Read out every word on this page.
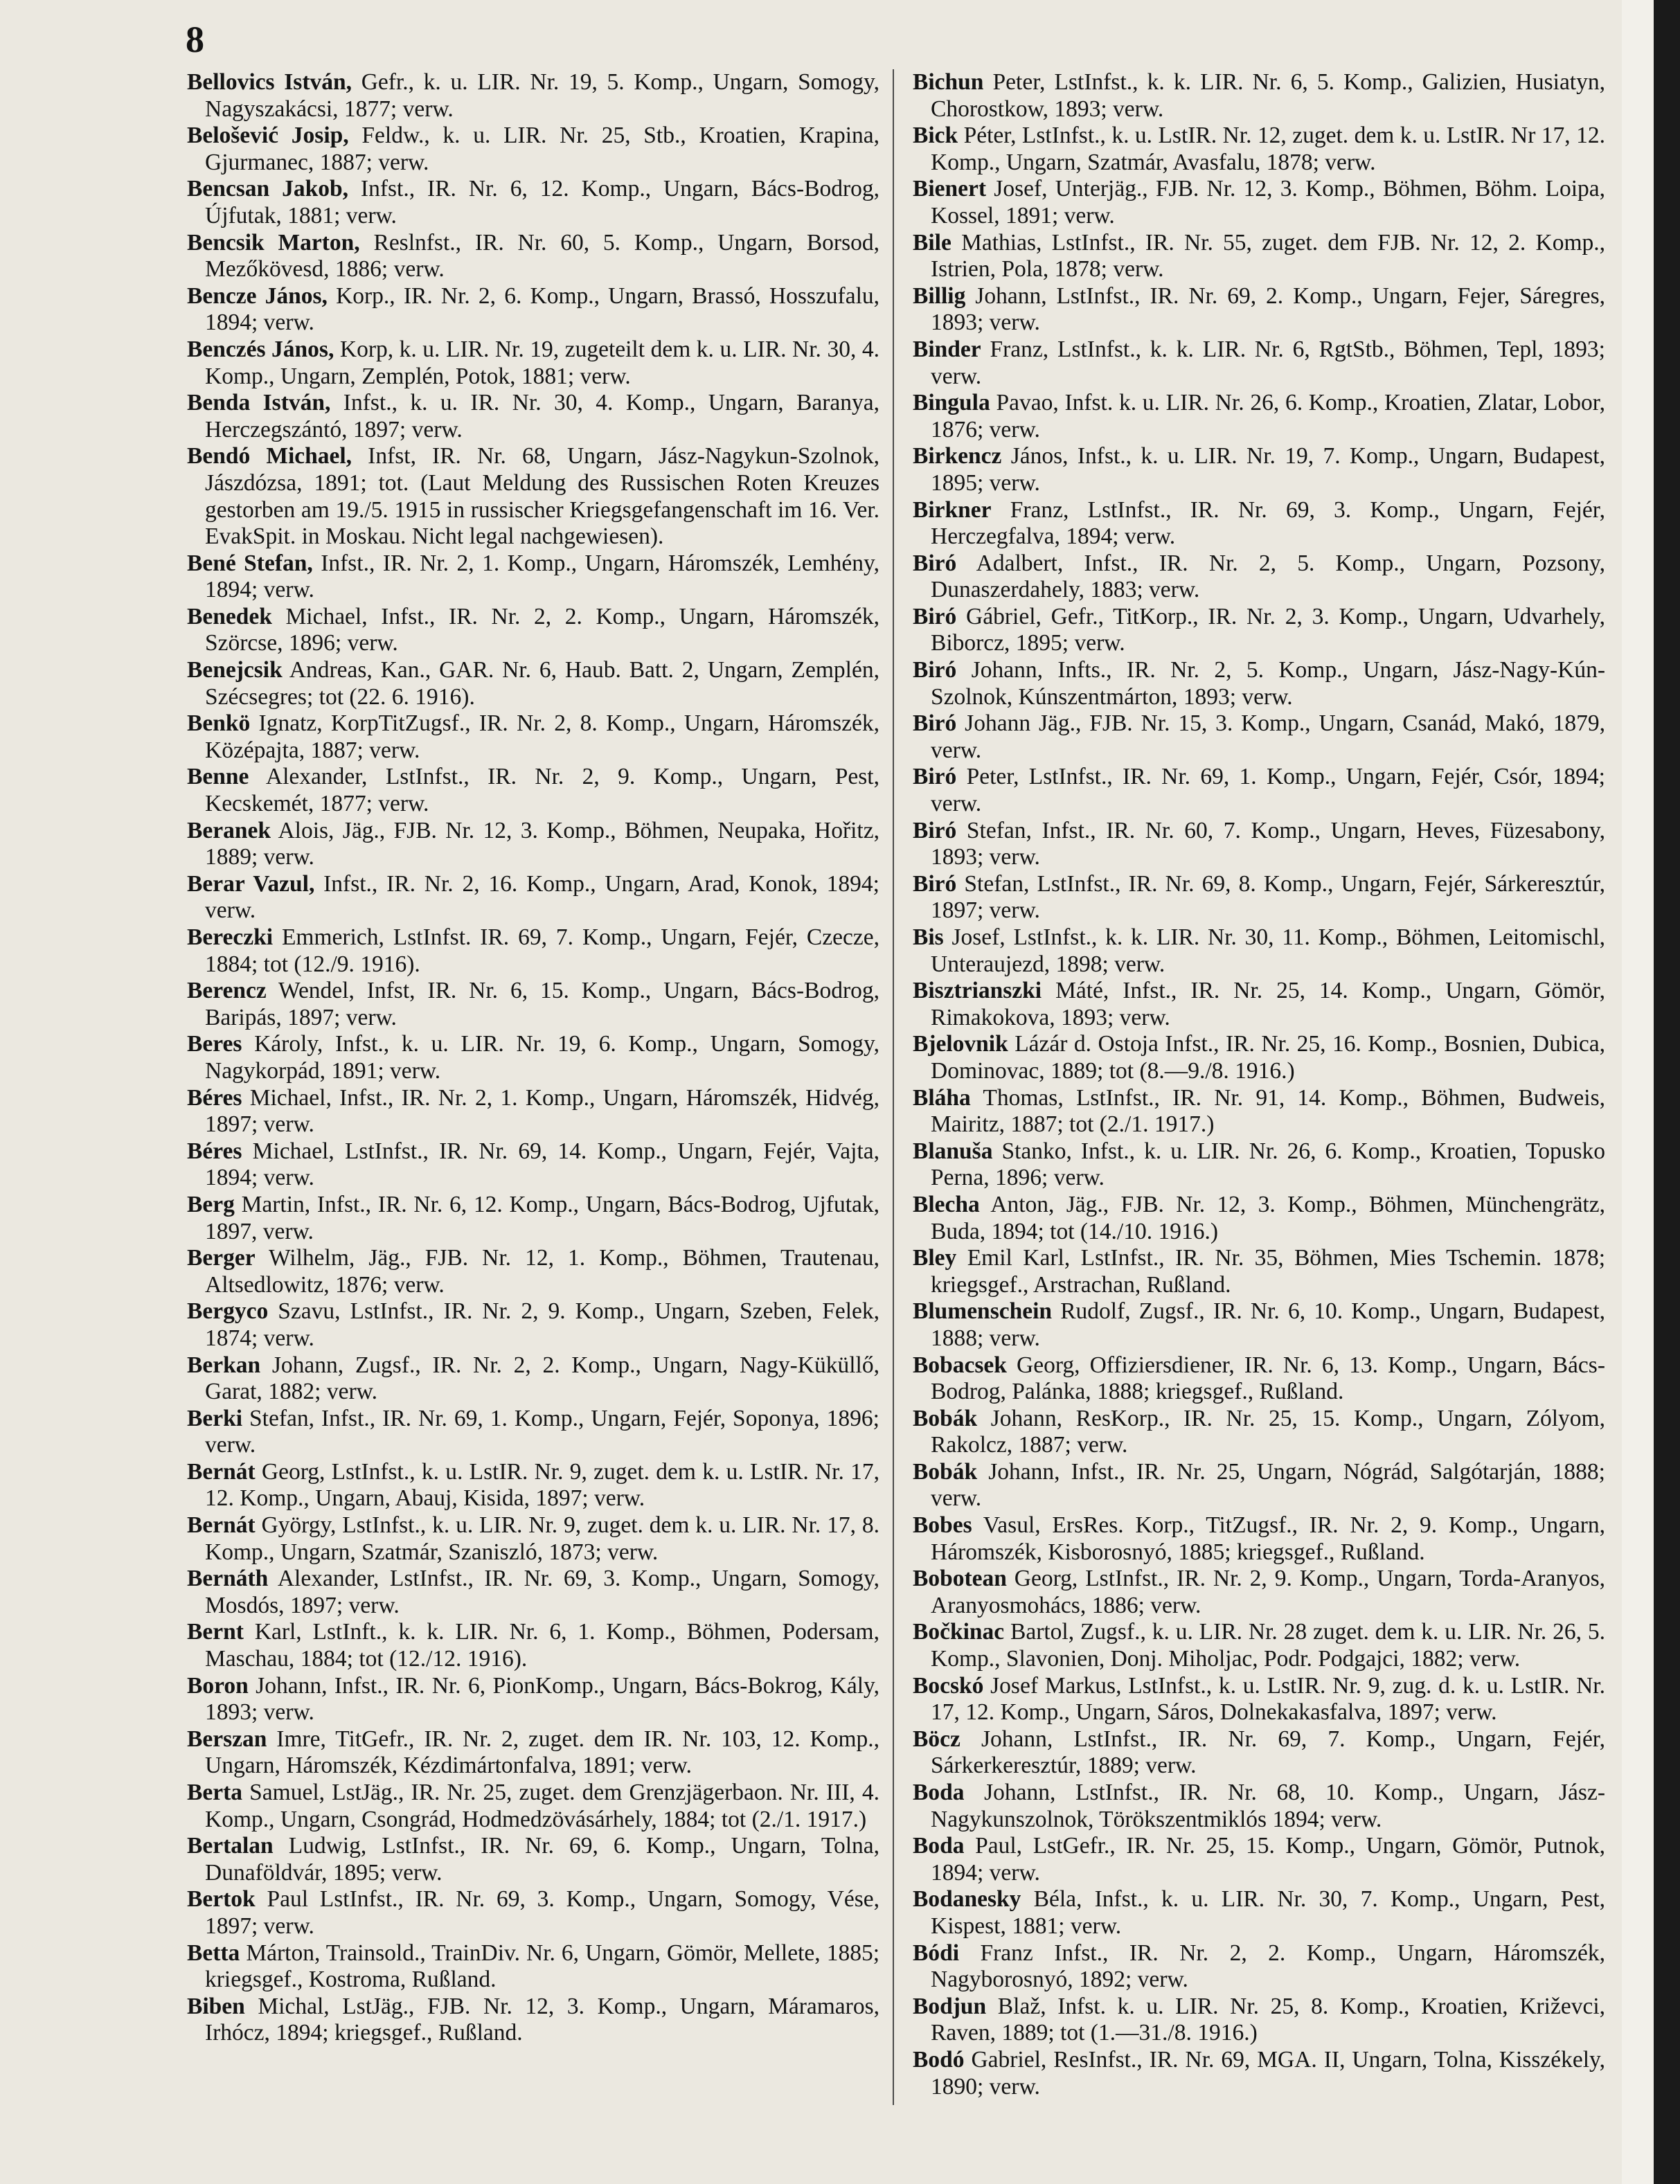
8

Bellovics István, Gefr., k. u. LIR. Nr. 19, 5. Komp., Ungarn, Somogy, Nagyszakácsi, 1877; verw.

Belošević Josip, Feldw., k. u. LIR. Nr. 25, Stb., Kroatien, Krapina, Gjurmanec, 1887; verw.

Bencsan Jakob, Infst., IR. Nr. 6, 12. Komp., Ungarn, Bács-Bodrog, Újfutak, 1881; verw.

Bencsik Marton, Reslnfst., IR. Nr. 60, 5. Komp., Ungarn, Borsod, Mezőkövesd, 1886; verw.

Bencze János, Korp., IR. Nr. 2, 6. Komp., Ungarn, Brassó, Hosszufalu, 1894; verw.

Benczés János, Korp, k. u. LIR. Nr. 19, zugeteilt dem k. u. LIR. Nr. 30, 4. Komp., Ungarn, Zemplén, Potok, 1881; verw.

Benda István, Infst., k. u. IR. Nr. 30, 4. Komp., Ungarn, Baranya, Herczegszántó, 1897; verw.

Bendó Michael, Infst, IR. Nr. 68, Ungarn, Jász-Nagykun-Szolnok, Jászdózsa, 1891; tot. (Laut Meldung des Russischen Roten Kreuzes gestorben am 19./5. 1915 in russischer Kriegsgefangenschaft im 16. Ver. EvakSpit. in Moskau. Nicht legal nachgewiesen).

Bené Stefan, Infst., IR. Nr. 2, 1. Komp., Ungarn, Háromszék, Lemhény, 1894; verw.

Benedek Michael, Infst., IR. Nr. 2, 2. Komp., Ungarn, Háromszék, Szörcse, 1896; verw.

Benejcsik Andreas, Kan., GAR. Nr. 6, Haub. Batt. 2, Ungarn, Zemplén, Szécsegres; tot (22. 6. 1916).

Benkö Ignatz, KorpTitZugsf., IR. Nr. 2, 8. Komp., Ungarn, Háromszék, Középajta, 1887; verw.

Benne Alexander, LstInfst., IR. Nr. 2, 9. Komp., Ungarn, Pest, Kecskemét, 1877; verw.

Beranek Alois, Jäg., FJB. Nr. 12, 3. Komp., Böhmen, Neupaka, Hořitz, 1889; verw.

Berar Vazul, Infst., IR. Nr. 2, 16. Komp., Ungarn, Arad, Konok, 1894; verw.

Bereczki Emmerich, LstInfst. IR. 69, 7. Komp., Ungarn, Fejér, Czecze, 1884; tot (12./9. 1916).

Berencz Wendel, Infst, IR. Nr. 6, 15. Komp., Ungarn, Bács-Bodrog, Baripás, 1897; verw.

Beres Károly, Infst., k. u. LIR. Nr. 19, 6. Komp., Ungarn, Somogy, Nagykorpád, 1891; verw.

Béres Michael, Infst., IR. Nr. 2, 1. Komp., Ungarn, Háromszék, Hidvég, 1897; verw.

Béres Michael, LstInfst., IR. Nr. 69, 14. Komp., Ungarn, Fejér, Vajta, 1894; verw.

Berg Martin, Infst., IR. Nr. 6, 12. Komp., Ungarn, Bács-Bodrog, Ujfutak, 1897, verw.

Berger Wilhelm, Jäg., FJB. Nr. 12, 1. Komp., Böhmen, Trautenau, Altsedlowitz, 1876; verw.

Bergyco Szavu, LstInfst., IR. Nr. 2, 9. Komp., Ungarn, Szeben, Felek, 1874; verw.

Berkan Johann, Zugsf., IR. Nr. 2, 2. Komp., Ungarn, Nagy-Küküllő, Garat, 1882; verw.

Berki Stefan, Infst., IR. Nr. 69, 1. Komp., Ungarn, Fejér, Soponya, 1896; verw.

Bernát Georg, LstInfst., k. u. LstIR. Nr. 9, zuget. dem k. u. LstIR. Nr. 17, 12. Komp., Ungarn, Abauj, Kisida, 1897; verw.

Bernát György, LstInfst., k. u. LIR. Nr. 9, zuget. dem k. u. LIR. Nr. 17, 8. Komp., Ungarn, Szatmár, Szaniszló, 1873; verw.

Bernáth Alexander, LstInfst., IR. Nr. 69, 3. Komp., Ungarn, Somogy, Mosdós, 1897; verw.

Bernt Karl, LstInft., k. k. LIR. Nr. 6, 1. Komp., Böhmen, Podersam, Maschau, 1884; tot (12./12. 1916).

Boron Johann, Infst., IR. Nr. 6, PionKomp., Ungarn, Bács-Bokrog, Kály, 1893; verw.

Berszan Imre, TitGefr., IR. Nr. 2, zuget. dem IR. Nr. 103, 12. Komp., Ungarn, Háromszék, Kézdimártonfalva, 1891; verw.

Berta Samuel, LstJäg., IR. Nr. 25, zuget. dem Grenzjägerbaon. Nr. III, 4. Komp., Ungarn, Csongrád, Hodmedzövásárhely, 1884; tot (2./1. 1917.)

Bertalan Ludwig, LstInfst., IR. Nr. 69, 6. Komp., Ungarn, Tolna, Dunaföldvár, 1895; verw.

Bertok Paul LstInfst., IR. Nr. 69, 3. Komp., Ungarn, Somogy, Vése, 1897; verw.

Betta Márton, Trainsold., TrainDiv. Nr. 6, Ungarn, Gömör, Mellete, 1885; kriegsgef., Kostroma, Rußland.

Biben Michal, LstJäg., FJB. Nr. 12, 3. Komp., Ungarn, Máramaros, Irhócz, 1894; kriegsgef., Rußland.

Bichun Peter, LstInfst., k. k. LIR. Nr. 6, 5. Komp., Galizien, Husiatyn, Chorostkow, 1893; verw.

Bick Péter, LstInfst., k. u. LstIR. Nr. 12, zuget. dem k. u. LstIR. Nr 17, 12. Komp., Ungarn, Szatmár, Avasfalu, 1878; verw.

Bienert Josef, Unterjäg., FJB. Nr. 12, 3. Komp., Böhmen, Böhm. Loipa, Kossel, 1891; verw.

Bile Mathias, LstInfst., IR. Nr. 55, zuget. dem FJB. Nr. 12, 2. Komp., Istrien, Pola, 1878; verw.

Billig Johann, LstInfst., IR. Nr. 69, 2. Komp., Ungarn, Fejer, Sáregres, 1893; verw.

Binder Franz, LstInfst., k. k. LIR. Nr. 6, RgtStb., Böhmen, Tepl, 1893; verw.

Bingula Pavao, Infst. k. u. LIR. Nr. 26, 6. Komp., Kroatien, Zlatar, Lobor, 1876; verw.

Birkencz János, Infst., k. u. LIR. Nr. 19, 7. Komp., Ungarn, Budapest, 1895; verw.

Birkner Franz, LstInfst., IR. Nr. 69, 3. Komp., Ungarn, Fejér, Herczegfalva, 1894; verw.

Biró Adalbert, Infst., IR. Nr. 2, 5. Komp., Ungarn, Pozsony, Dunaszerdahely, 1883; verw.

Biró Gábriel, Gefr., TitKorp., IR. Nr. 2, 3. Komp., Ungarn, Udvarhely, Biborcz, 1895; verw.

Biró Johann, Infts., IR. Nr. 2, 5. Komp., Ungarn, Jász-Nagy-Kún-Szolnok, Kúnszentmárton, 1893; verw.

Biró Johann Jäg., FJB. Nr. 15, 3. Komp., Ungarn, Csanád, Makó, 1879, verw.

Biró Peter, LstInfst., IR. Nr. 69, 1. Komp., Ungarn, Fejér, Csór, 1894; verw.

Biró Stefan, Infst., IR. Nr. 60, 7. Komp., Ungarn, Heves, Füzesabony, 1893; verw.

Biró Stefan, LstInfst., IR. Nr. 69, 8. Komp., Ungarn, Fejér, Sárkeresztúr, 1897; verw.

Bis Josef, LstInfst., k. k. LIR. Nr. 30, 11. Komp., Böhmen, Leitomischl, Unteraujezd, 1898; verw.

Bisztrianszki Máté, Infst., IR. Nr. 25, 14. Komp., Ungarn, Gömör, Rimakokova, 1893; verw.

Bjelovnik Lázár d. Ostoja Infst., IR. Nr. 25, 16. Komp., Bosnien, Dubica, Dominovac, 1889; tot (8.—9./8. 1916.)

Bláha Thomas, LstInfst., IR. Nr. 91, 14. Komp., Böhmen, Budweis, Mairitz, 1887; tot (2./1. 1917.)

Blanuša Stanko, Infst., k. u. LIR. Nr. 26, 6. Komp., Kroatien, Topusko Perna, 1896; verw.

Blecha Anton, Jäg., FJB. Nr. 12, 3. Komp., Böhmen, Münchengrätz, Buda, 1894; tot (14./10. 1916.)

Bley Emil Karl, LstInfst., IR. Nr. 35, Böhmen, Mies Tschemin. 1878; kriegsgef., Arstrachan, Rußland.

Blumenschein Rudolf, Zugsf., IR. Nr. 6, 10. Komp., Ungarn, Budapest, 1888; verw.

Bobacsek Georg, Offiziersdiener, IR. Nr. 6, 13. Komp., Ungarn, Bács-Bodrog, Palánka, 1888; kriegsgef., Rußland.

Bobák Johann, ResKorp., IR. Nr. 25, 15. Komp., Ungarn, Zólyom, Rakolcz, 1887; verw.

Bobák Johann, Infst., IR. Nr. 25, Ungarn, Nógrád, Salgótarján, 1888; verw.

Bobes Vasul, ErsRes. Korp., TitZugsf., IR. Nr. 2, 9. Komp., Ungarn, Háromszék, Kisborosnyó, 1885; kriegsgef., Rußland.

Bobotean Georg, LstInfst., IR. Nr. 2, 9. Komp., Ungarn, Torda-Aranyos, Aranyosmohács, 1886; verw.

Bočkinac Bartol, Zugsf., k. u. LIR. Nr. 28 zuget. dem k. u. LIR. Nr. 26, 5. Komp., Slavonien, Donj. Miholjac, Podr. Podgajci, 1882; verw.

Bocskó Josef Markus, LstInfst., k. u. LstIR. Nr. 9, zug. d. k. u. LstIR. Nr. 17, 12. Komp., Ungarn, Sáros, Dolnekakasfalva, 1897; verw.

Böcz Johann, LstInfst., IR. Nr. 69, 7. Komp., Ungarn, Fejér, Sárkerkeresztúr, 1889; verw.

Boda Johann, LstInfst., IR. Nr. 68, 10. Komp., Ungarn, Jász-Nagykunszolnok, Törökszentmiklós 1894; verw.

Boda Paul, LstGefr., IR. Nr. 25, 15. Komp., Ungarn, Gömör, Putnok, 1894; verw.

Bodanesky Béla, Infst., k. u. LIR. Nr. 30, 7. Komp., Ungarn, Pest, Kispest, 1881; verw.

Bódi Franz Infst., IR. Nr. 2, 2. Komp., Ungarn, Háromszék, Nagyborosnyó, 1892; verw.

Bodjun Blaž, Infst. k. u. LIR. Nr. 25, 8. Komp., Kroatien, Križevci, Raven, 1889; tot (1.—31./8. 1916.)

Bodó Gabriel, ResInfst., IR. Nr. 69, MGA. II, Ungarn, Tolna, Kisszékely, 1890; verw.
